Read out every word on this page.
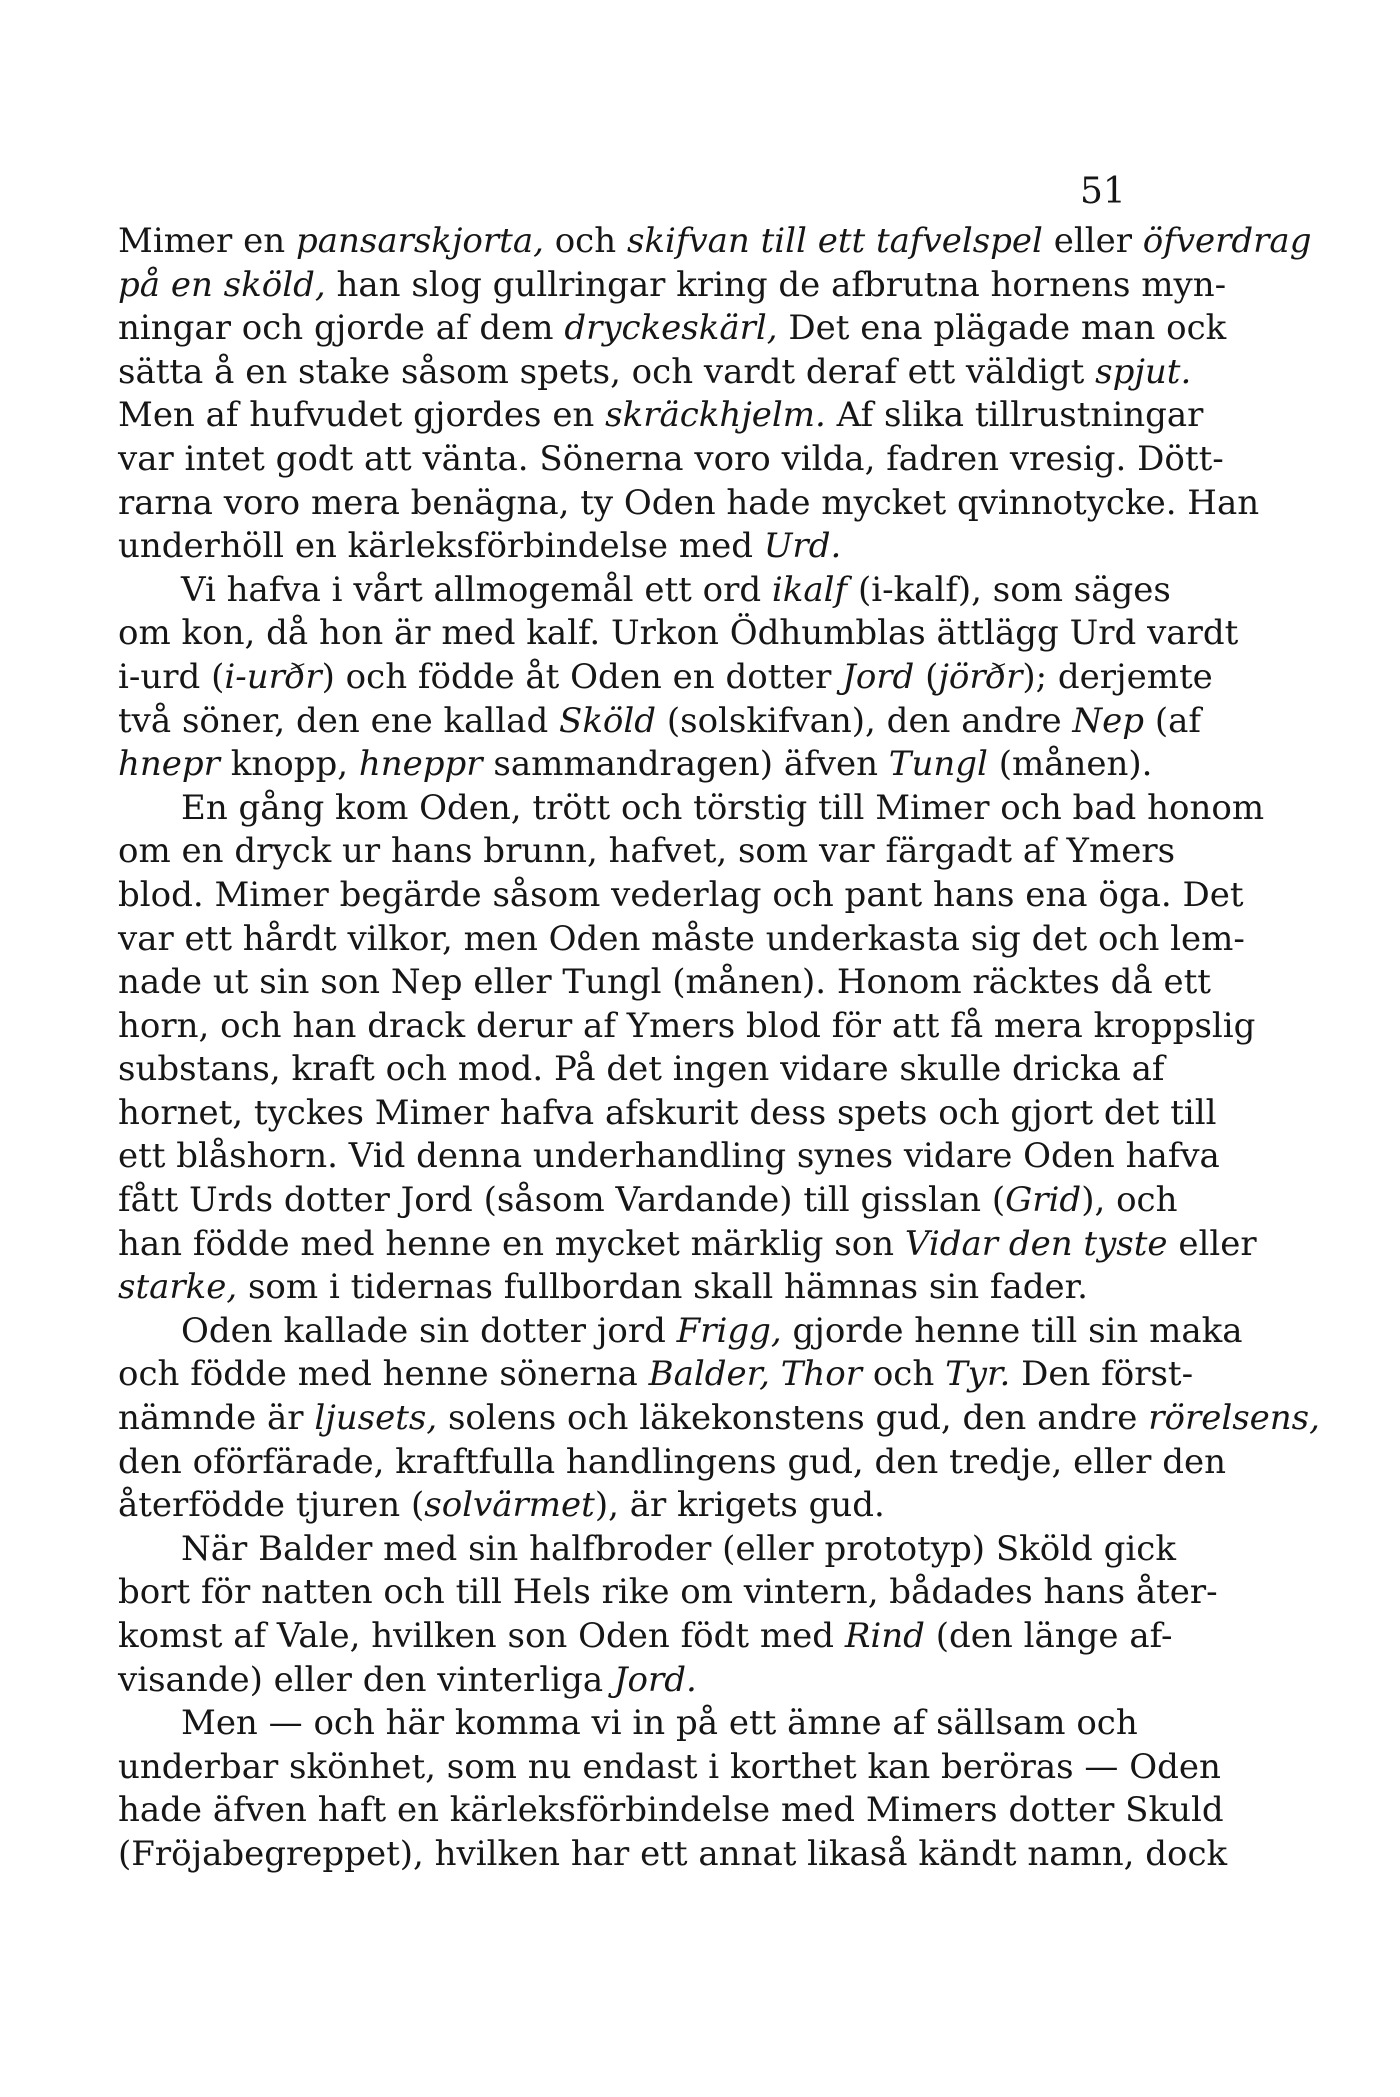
51
Mimer en pansarskjorta, och skifvan till ett tafvelspel eller öfverdrag
på en sköld, han slog gullringar kring de afbrutna hornens myn-
ningar och gjorde af dem dryckeskärl, Det ena plägade man ock
sätta å en stake såsom spets, och vardt deraf ett väldigt spjut.
Men af hufvudet gjordes en skräckhjelm. Af slika tillrustningar
var intet godt att vänta. Sönerna voro vilda, fadren vresig. Dött-
rarna voro mera benägna, ty Oden hade mycket qvinnotycke. Han
underhöll en kärleksförbindelse med Urd.
Vi hafva i vårt allmogemål ett ord ikalf (i-kalf), som säges
om kon, då hon är med kalf. Urkon Ödhumblas ättlägg Urd vardt
i-urd (i-urðr) och födde åt Oden en dotter Jord (jörðr); derjemte
två söner, den ene kallad Sköld (solskifvan), den andre Nep (af
hnepr knopp, hneppr sammandragen) äfven Tungl (månen).
En gång kom Oden, trött och törstig till Mimer och bad honom
om en dryck ur hans brunn, hafvet, som var färgadt af Ymers
blod. Mimer begärde såsom vederlag och pant hans ena öga. Det
var ett hårdt vilkor, men Oden måste underkasta sig det och lem-
nade ut sin son Nep eller Tungl (månen). Honom räcktes då ett
horn, och han drack derur af Ymers blod för att få mera kroppslig
substans, kraft och mod. På det ingen vidare skulle dricka af
hornet, tyckes Mimer hafva afskurit dess spets och gjort det till
ett blåshorn. Vid denna underhandling synes vidare Oden hafva
fått Urds dotter Jord (såsom Vardande) till gisslan (Grid), och
han födde med henne en mycket märklig son Vidar den tyste eller
starke, som i tidernas fullbordan skall hämnas sin fader.
Oden kallade sin dotter jord Frigg, gjorde henne till sin maka
och födde med henne sönerna Balder, Thor och Tyr. Den först-
nämnde är ljusets, solens och läkekonstens gud, den andre rörelsens,
den oförfärade, kraftfulla handlingens gud, den tredje, eller den
återfödde tjuren (solvärmet), är krigets gud.
När Balder med sin halfbroder (eller prototyp) Sköld gick
bort för natten och till Hels rike om vintern, bådades hans åter-
komst af Vale, hvilken son Oden födt med Rind (den länge af-
visande) eller den vinterliga Jord.
Men — och här komma vi in på ett ämne af sällsam och
underbar skönhet, som nu endast i korthet kan beröras — Oden
hade äfven haft en kärleksförbindelse med Mimers dotter Skuld
(Fröjabegreppet), hvilken har ett annat likaså kändt namn, dock
